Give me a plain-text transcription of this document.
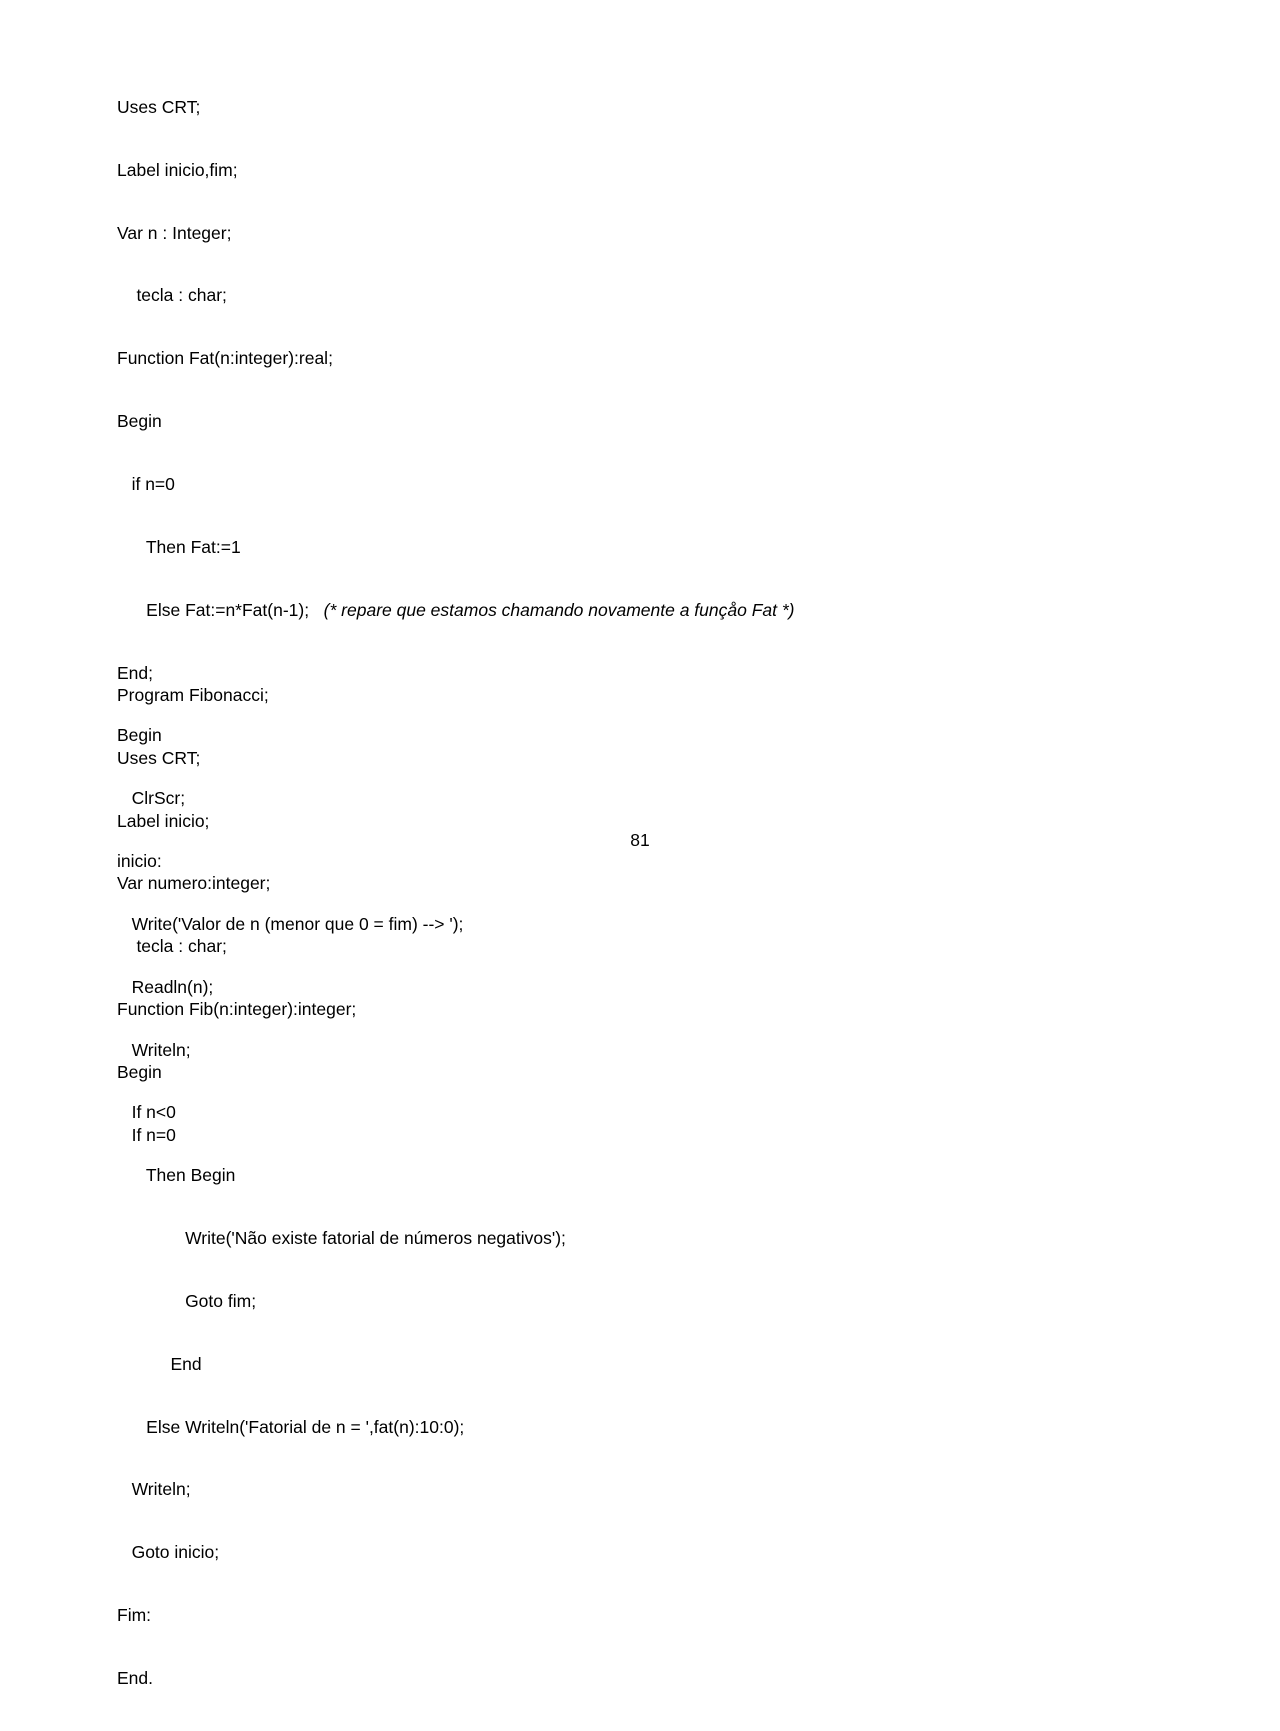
Uses CRT;

Label inicio,fim;

Var n : Integer;

tecla : char;

Function Fat(n:integer):real;

Begin

if n=0

Then Fat:=1

Else Fat:=n*Fat(n-1);   (* repare que estamos chamando novamente a funçåo Fat *)

End;

Begin

ClrScr;

inicio:

Write('Valor de n (menor que 0 = fim) --> ');

Readln(n);

Writeln;

If n<0

Then Begin

Write('Não existe fatorial de números negativos');

Goto fim;

End

Else Writeln('Fatorial de n = ',fat(n):10:0);

Writeln;

Goto inicio;

Fim:

End.

Program Fibonacci;

Uses CRT;

Label inicio;

Var numero:integer;

tecla : char;

Function Fib(n:integer):integer;

Begin

If n=0

81
